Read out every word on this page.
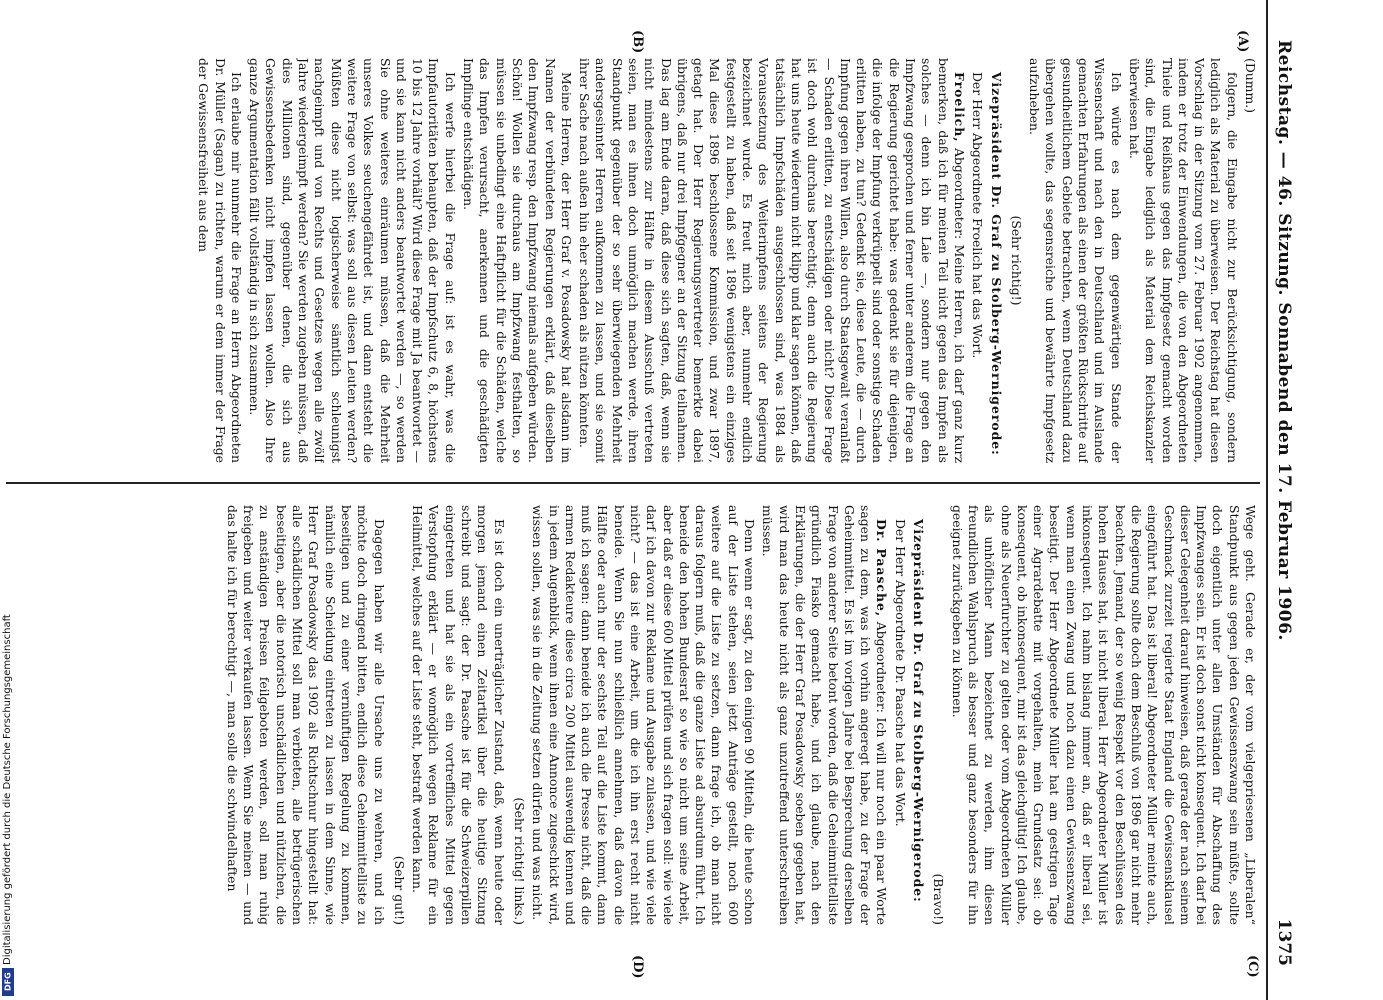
Reichstag. — 46. Sitzung. Sonnabend den 17. Februar 1906.
1375
(A)
(B)
(C)
(D)

(Dumm.)

folgern, die Eingabe nicht zur Berücksichtigung, sondern lediglich als Material zu überweisen. Der Reichstag hat diesen Vorschlag in der Sitzung vom 27. Februar 1902 angenommen, indem er trotz der Einwendungen, die von den Abgeordneten Thiele und Reißhaus gegen das Impfgesetz gemacht worden sind, die Eingabe lediglich als Material dem Reichskanzler überwiesen hat.

Ich würde es nach dem gegenwärtigen Stande der Wissenschaft und nach den in Deutschland und im Auslande gemachten Erfahrungen als einen der größten Rückschritte auf gesundheitlichem Gebiete betrachten, wenn Deutschland dazu übergehen wollte, das segensreiche und bewährte Impfgesetz aufzuheben.

(Sehr richtig!)

Vizepräsident Dr. Graf zu Stolberg-Wernigerode:

Der Herr Abgeordnete Froelich hat das Wort.

Froelich, Abgeordneter: Meine Herren, ich darf ganz kurz bemerken, daß ich für meinen Teil nicht gegen das Impfen als solches — denn ich bin Laie —, sondern nur gegen den Impfzwang gesprochen und ferner unter anderem die Frage an die Regierung gerichtet habe: was gedenkt sie für diejenigen, die infolge der Impfung verkrüppelt sind oder sonstige Schaden erlitten haben, zu tun? Gedenkt sie, diese Leute, die — durch Impfung gegen ihren Willen, also durch Staatsgewalt veranlaßt — Schaden erlitten, zu entschädigen oder nicht? Diese Frage ist doch wohl durchaus berechtigt; denn auch die Regierung hat uns heute wiederum nicht klipp und klar sagen können, daß tatsächlich Impfschäden ausgeschlossen sind, was 1884 als Voraussetzung des Weiterimpfens seitens der Regierung bezeichnet wurde. Es freut mich aber, nunmehr endlich festgestellt zu haben, daß seit 1896 wenigstens ein einziges Mal diese 1896 beschlossene Kommission, und zwar 1897, getagt hat. Der Herr Regierungsvertreter bemerkte dabei übrigens, daß nur drei Impfgegner an der Sitzung teilnahmen. Das lag am Ende daran, daß diese sich sagten, daß, wenn sie nicht mindestens zur Hälfte in diesem Ausschuß vertreten seien, man es ihnen doch unmöglich machen werde, ihren Standpunkt gegenüber der so sehr überwiegenden Mehrheit andersgesinnter Herren aufkommen zu lassen, und sie somit ihrer Sache nach außen hin eher schaden als nützen könnten.

Meine Herren, der Herr Graf v. Posadowsky hat alsdann im Namen der verbündeten Regierungen erklärt, daß dieselben den Impfzwang resp. den Impfzwang niemals aufgeben würden. Schön! Wollen sie durchaus am Impfzwang festhalten, so müssen sie unbedingt eine Haftpflicht für die Schäden, welche das Impfen verursacht, anerkennen und die geschädigten Impflinge entschädigen.

Ich werfe hierbei die Frage auf: ist es wahr, was die Impfautoritäten behaupten, daß der Impfschutz 6, 8, höchstens 10 bis 12 Jahre vorhält? Wird diese Frage mit Ja beantwortet — und sie kann nicht anders beantwortet werden —, so werden Sie ohne weiteres einräumen müssen, daß die Mehrheit unseres Volkes seuchengefährdet ist, und dann entsteht die weitere Frage von selbst: was soll aus diesen Leuten werden? Müßten diese nicht logischerweise sämtlich schleunigst nachgeimpft und von Rechts und Gesetzes wegen alle zwölf Jahre wiedergeimpft werden? Sie werden zugeben müssen, daß dies Millionen sind, gegenüber denen, die sich aus Gewissensbedenken nicht impfen lassen wollen. Also Ihre ganze Argumentation fällt vollständig in sich zusammen.

Ich erlaube mir nunmehr die Frage an Herrn Abgeordneten Dr. Müller (Sagan) zu richten, warum er dem immer der Frage der Gewissensfreiheit aus dem

Wege geht. Gerade er, der vom vielgepriesenen „Liberalen“ Standpunkt aus gegen jeden Gewissenszwang sein müßte, sollte doch eigentlich unter allen Umständen für Abschaffung des Impfzwanges sein. Er ist doch sonst nicht konsequent. Ich darf bei dieser Gelegenheit darauf hinweisen, daß gerade der nach seinem Geschmack zurzeit regierte Staat England die Gewissensklausel eingeführt hat. Das ist liberal! Abgeordneter Müller meinte auch, die Regierung sollte doch dem Beschluß von 1896 gar nicht mehr beachten. Jemand, der so wenig Respekt vor den Beschlüssen des hohen Hauses hat, ist nicht liberal. Herr Abgeordneter Müller ist inkonsequent. Ich nahm bislang immer an, daß er liberal sei, wenn man einen Zwang und noch dazu einen Gewissenszwang beseitigt. Der Herr Abgeordnete Müller hat am gestrigen Tage einer Agrardebatte mit vorgehalten, mein Grundsatz sei: ob konsequent, ob inkonsequent, mir ist das gleichgültig! Ich glaube, ohne als Neuerfurchter zu gelten oder vom Abgeordneten Müller als unhöflicher Mann bezeichnet zu werden, ihm diesen freundlichen Wahlspruch als besser und ganz besonders für ihn geeignet zurückgeben zu können.

(Bravo!)

Vizepräsident Dr. Graf zu Stolberg-Wernigerode:

Der Herr Abgeordnete Dr. Paasche hat das Wort.

Dr. Paasche, Abgeordneter: Ich will nur noch ein paar Worte sagen zu dem, was ich vorhin angeregt habe, zu der Frage der Geheimmittel. Es ist im vorigen Jahre bei Besprechung derselben Frage von anderer Seite betont worden, daß die Geheimmittelliste gründlich Fiasko gemacht habe, und ich glaube, nach den Erklärungen, die der Herr Graf Posadowsky soeben gegeben hat, wird man das heute nicht als ganz unzutreffend unterschreiben müssen.

Denn wenn er sagt, zu den einigen 90 Mitteln, die heute schon auf der Liste stehen, seien jetzt Anträge gestellt, noch 600 weitere auf die Liste zu setzen, dann frage ich, ob man nicht daraus folgern muß, daß die ganze Liste ad absurdum führt. Ich beneide den hohen Bundesrat so wie so nicht um seine Arbeit, aber daß er diese 600 Mittel prüfen und sich fragen soll: wie viele darf ich davon zur Reklame und Ausgabe zulassen, und wie viele nicht? — das ist eine Arbeit, um die ich ihn erst recht nicht beneide. Wenn Sie nun schließlich annehmen, daß davon die Hälfte oder auch nur der sechste Teil auf die Liste kommt, dann muß ich sagen: dann beneide ich auch die Presse nicht, daß die armen Redakteure diese circa 200 Mittel auswendig kennen und in jedem Augenblick, wenn ihnen eine Annonce zugeschickt wird, wissen sollen, was sie in die Zeitung setzen dürfen und was nicht.

(Sehr richtig! links.)

Es ist doch ein unerträglicher Zustand, daß, wenn heute oder morgen jemand einen Zeitartikel über die heutige Sitzung schreibt und sagt: der Dr. Paasche ist für die Schweizerpillen eingetreten und hat sie als ein vortreffliches Mittel gegen Verstopfung erklärt — er womöglich wegen Reklame für ein Heilmittel, welches auf der Liste steht, bestraft werden kann.

(Sehr gut!)

Dagegen haben wir alle Ursache uns zu wehren, und ich möchte doch dringend bitten, endlich diese Geheimmittelliste zu beseitigen und zu einer vernünftigen Regelung zu kommen, nämlich eine Scheidung eintreten zu lassen in dem Sinne, wie Herr Graf Posadowsky das 1902 als Richtschnur hingestellt hat: alle schädlichen Mittel soll man verbieten, alle betrügerischen beseitigen, aber die notorisch unschädlichen und nützlichen, die zu anständigen Preisen feilgeboten werden, soll man ruhig freigeben und weiter verkaufen lassen. Wenn Sie meinen — und das halte ich für berechtigt —, man solle die schwindelhaften

Digitalisierung gefördert durch die Deutsche Forschungsgemeinschaft
DFG
